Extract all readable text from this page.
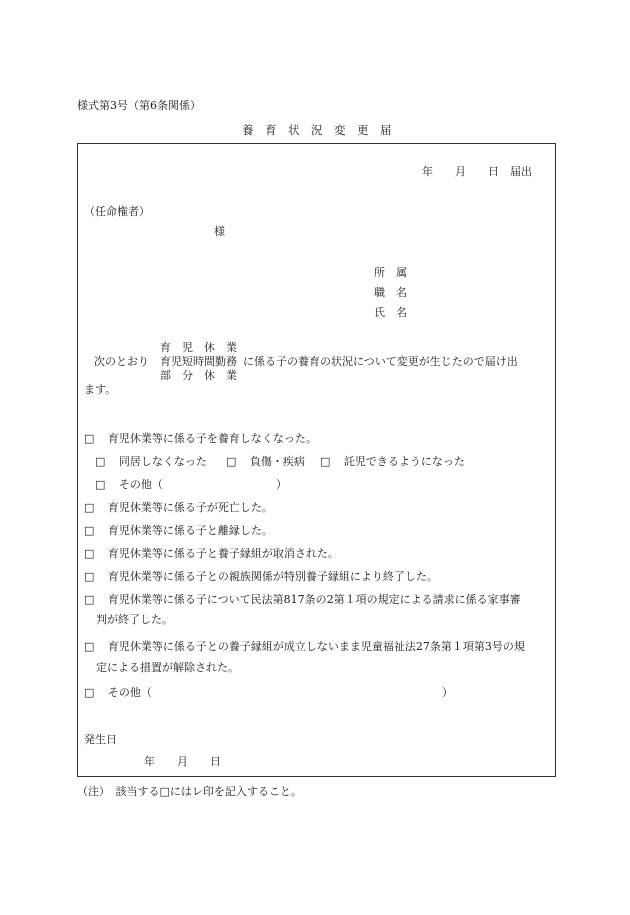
様式第3号（第6条関係）
養　育　状　況　変　更　届
年　　月　　日　届出
（任命権者）
様
所　属
職　名
氏　名
育　児　休　業
次のとおり 育児短時間勤務 に係る子の養育の状況について変更が生じたので届け出
部　分　休　業
ます。
□ 育児休業等に係る子を養育しなくなった。
□ 同居しなくなった □ 負傷・疾病 □ 託児できるようになった
□ その他（	）
□ 育児休業等に係る子が死亡した。
□ 育児休業等に係る子と離縁した。
□ 育児休業等に係る子と養子縁組が取消された。
□ 育児休業等に係る子との親族関係が特別養子縁組により終了した。
□ 育児休業等に係る子について民法第817条の2第１項の規定による請求に係る家事審
判が終了した。
□ 育児休業等に係る子との養子縁組が成立しないまま児童福祉法27条第１項第3号の規
定による措置が解除された。
□ その他（	）
発生日
年　　月　　日
（注）　該当する□にはレ印を記入すること。
